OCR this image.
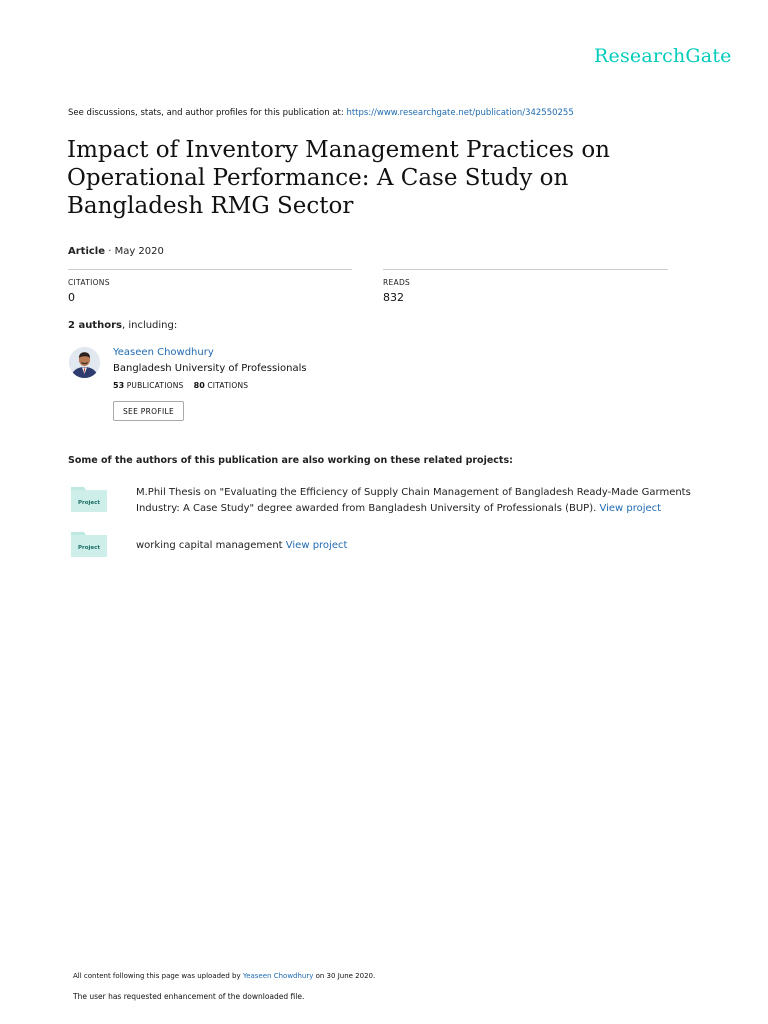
ResearchGate
See discussions, stats, and author profiles for this publication at: https://www.researchgate.net/publication/342550255
Impact of Inventory Management Practices on Operational Performance: A Case Study on Bangladesh RMG Sector
Article · May 2020
CITATIONS
0
READS
832
2 authors, including:
Yeaseen Chowdhury
Bangladesh University of Professionals
53 PUBLICATIONS 80 CITATIONS
SEE PROFILE
Some of the authors of this publication are also working on these related projects:
Project
M.Phil Thesis on "Evaluating the Efficiency of Supply Chain Management of Bangladesh Ready-Made Garments Industry: A Case Study" degree awarded from Bangladesh University of Professionals (BUP). View project
Project	working capital management View project
All content following this page was uploaded by Yeaseen Chowdhury on 30 June 2020.
The user has requested enhancement of the downloaded file.
